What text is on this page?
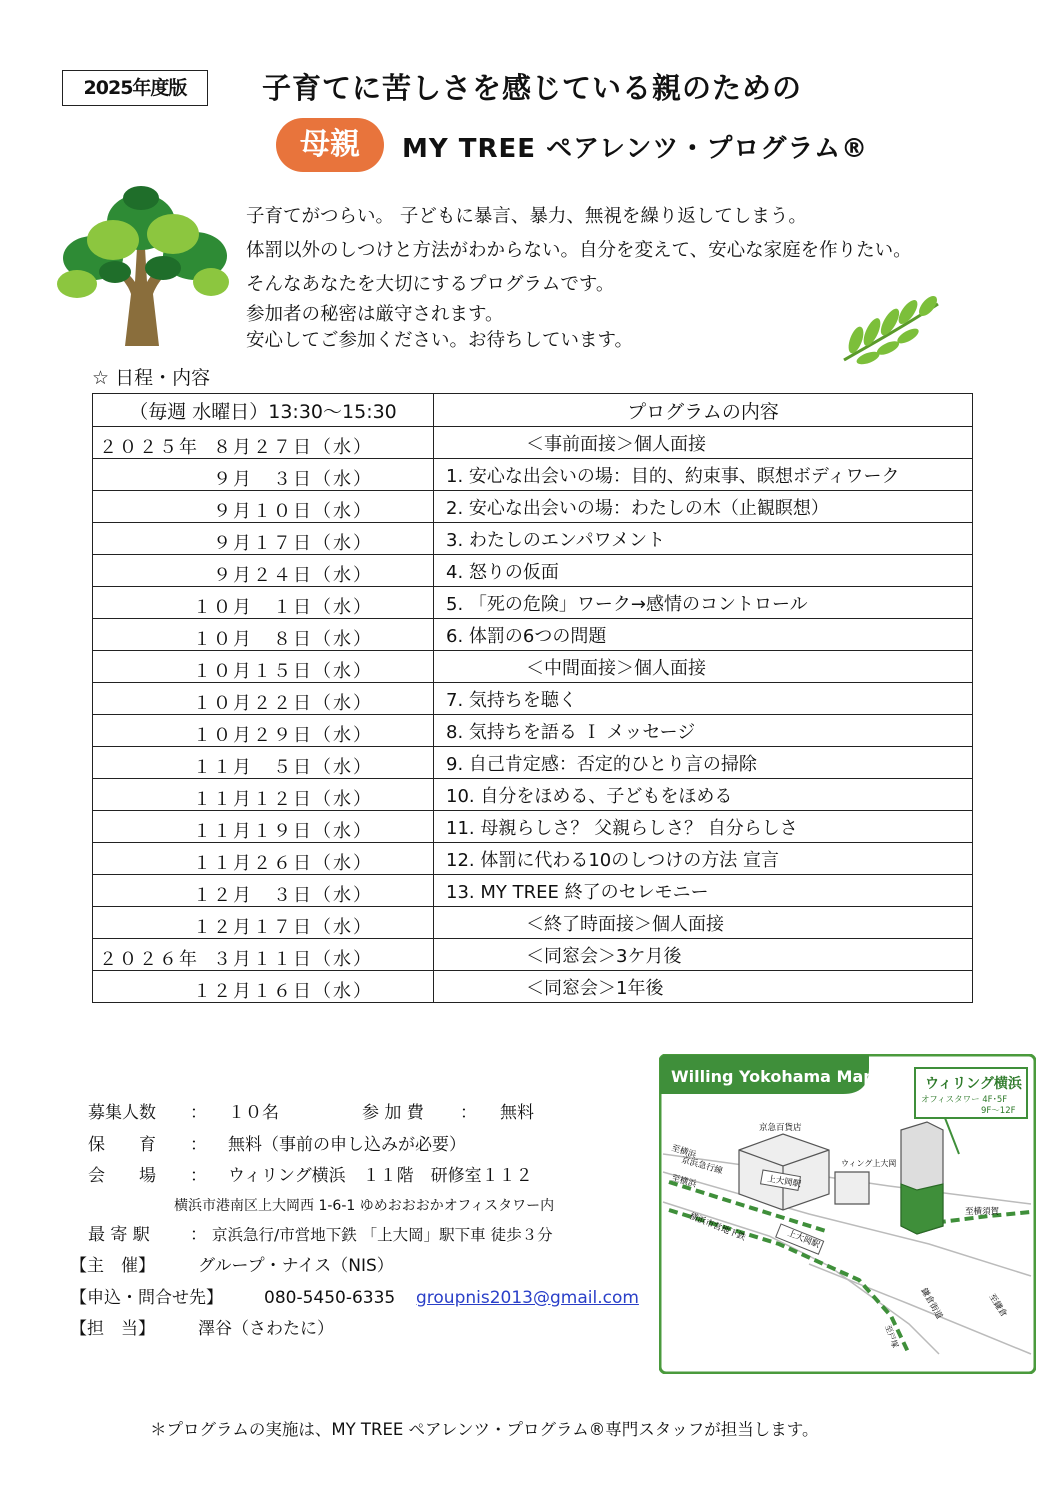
2025年度版	子育てに苦しさを感じている親のための
母親	MY TREE ペアレンツ・プログラム®
子育てがつらい。 子どもに暴言、暴力、無視を繰り返してしまう。
体罰以外のしつけと方法がわからない。自分を変えて、安心な家庭を作りたい。
そんなあなたを大切にするプログラムです。
参加者の秘密は厳守されます。
安心してご参加ください。お待ちしています。
☆ 日程・内容
（毎週 水曜日）13:30～15:30	プログラムの内容

２０２５年 ８月２７日（水）	＜事前面接＞個人面接

９月　３日（水）	1. 安心な出会いの場：目的、約束事、瞑想ボディワーク

９月１０日（水）	2. 安心な出会いの場：わたしの木（止観瞑想）

９月１７日（水）	3. わたしのエンパワメント

９月２４日（水）	4. 怒りの仮面

１０月　１日（水）	5. 「死の危険」ワーク→感情のコントロール

１０月　８日（水）	6. 体罰の6つの問題

１０月１５日（水）	＜中間面接＞個人面接

１０月２２日（水）	7. 気持ちを聴く

１０月２９日（水）	8. 気持ちを語る Ｉ メッセージ

１１月　５日（水）	9. 自己肯定感：否定的ひとり言の掃除

１１月１２日（水）	10. 自分をほめる、子どもをほめる

１１月１９日（水）	11. 母親らしさ？ 父親らしさ？ 自分らしさ

１１月２６日（水）	12. 体罰に代わる10のしつけの方法 宣言

１２月　３日（水）	13. MY TREE 終了のセレモニー

１２月１７日（水）	＜終了時面接＞個人面接

２０２６年 ３月１１日（水）	＜同窓会＞3ケ月後

１２月１６日（水）	＜同窓会＞1年後
募集人数 ： １０名	参 加 費 ： 無料
保　　育 ： 無料（事前の申し込みが必要）
会　　場 ： ウィリング横浜　１１階　研修室１１２
横浜市港南区上大岡西 1-6-1 ゆめおおおかオフィスタワー内
最 寄 駅 ： 京浜急行/市営地下鉄 「上大岡」駅下車 徒歩３分
【主　催】	グループ・ナイス（NIS）
【申込・問合せ先】 080-5450-6335 groupnis2013@gmail.com
【担　当】	澤谷（さわたに）
Willing Yokohama Map	ウィリング横浜
オフィスタワー 4F･5F
9F〜12F
上大岡駅
上大岡駅
至横浜
京浜急行線
至横浜
京急百貨店
ウィング上大岡
至横須賀
横浜市営地下鉄
鎌倉街道	至鎌倉
至戸塚
＊プログラムの実施は、MY TREE ペアレンツ・プログラム®専門スタッフが担当します。
